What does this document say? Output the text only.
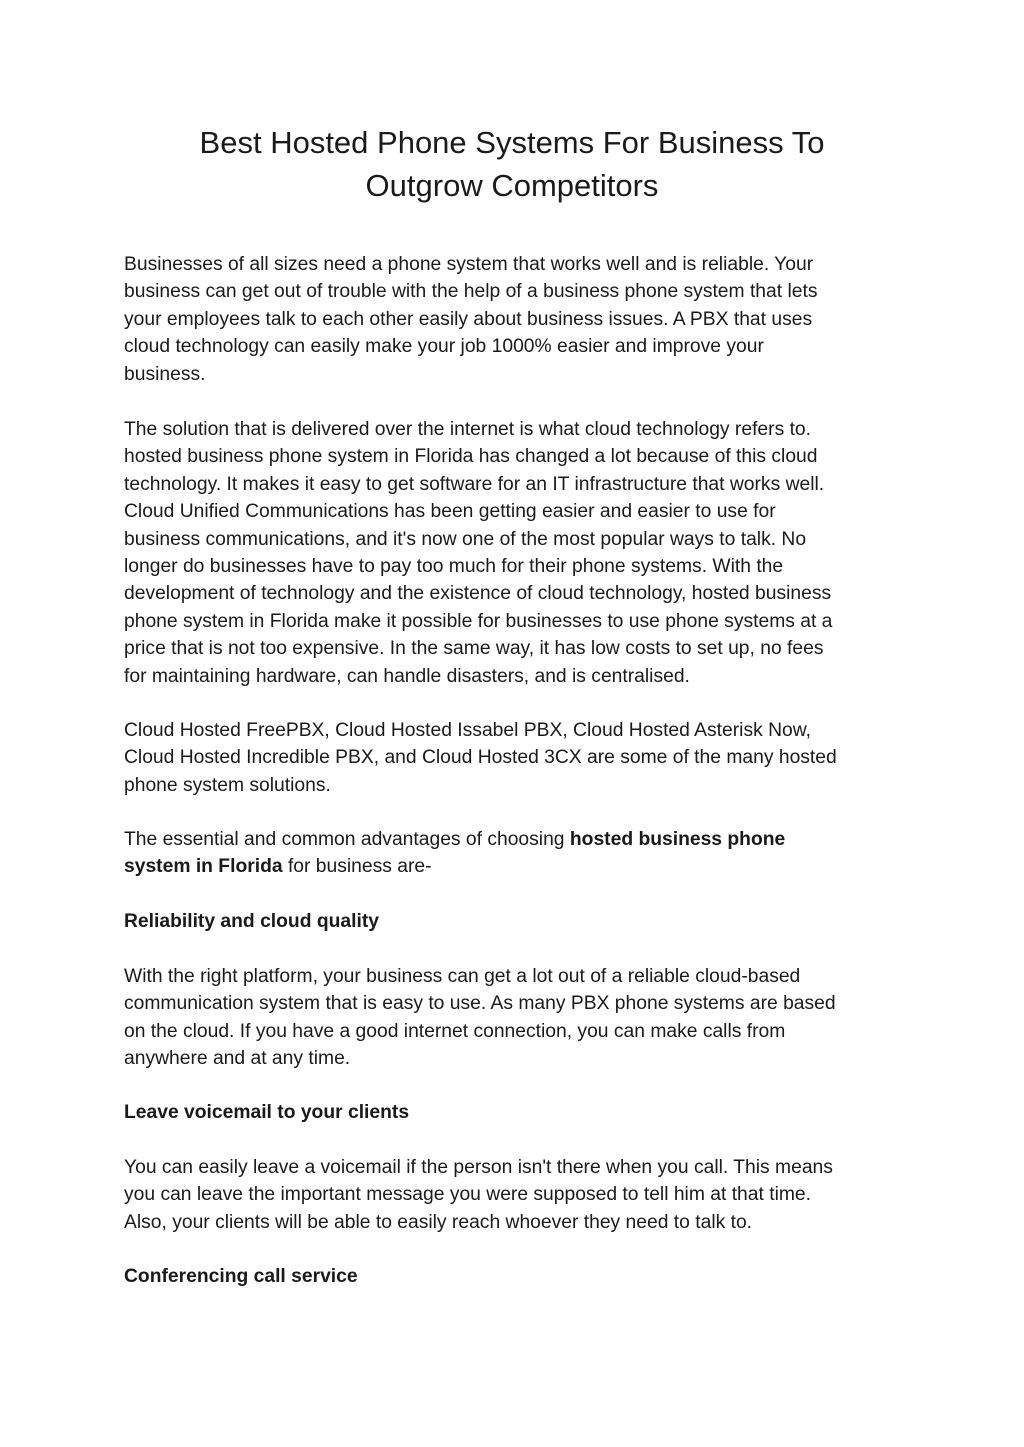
Best Hosted Phone Systems For Business To
Outgrow Competitors

Businesses of all sizes need a phone system that works well and is reliable. Your
business can get out of trouble with the help of a business phone system that lets
your employees talk to each other easily about business issues. A PBX that uses
cloud technology can easily make your job 1000% easier and improve your
business.

The solution that is delivered over the internet is what cloud technology refers to.
hosted business phone system in Florida has changed a lot because of this cloud
technology. It makes it easy to get software for an IT infrastructure that works well.
Cloud Unified Communications has been getting easier and easier to use for
business communications, and it's now one of the most popular ways to talk. No
longer do businesses have to pay too much for their phone systems. With the
development of technology and the existence of cloud technology, hosted business
phone system in Florida make it possible for businesses to use phone systems at a
price that is not too expensive. In the same way, it has low costs to set up, no fees
for maintaining hardware, can handle disasters, and is centralised.

Cloud Hosted FreePBX, Cloud Hosted Issabel PBX, Cloud Hosted Asterisk Now,
Cloud Hosted Incredible PBX, and Cloud Hosted 3CX are some of the many hosted
phone system solutions.

The essential and common advantages of choosing hosted business phone
system in Florida for business are-

Reliability and cloud quality

With the right platform, your business can get a lot out of a reliable cloud-based
communication system that is easy to use. As many PBX phone systems are based
on the cloud. If you have a good internet connection, you can make calls from
anywhere and at any time.

Leave voicemail to your clients

You can easily leave a voicemail if the person isn't there when you call. This means
you can leave the important message you were supposed to tell him at that time.
Also, your clients will be able to easily reach whoever they need to talk to.

Conferencing call service
